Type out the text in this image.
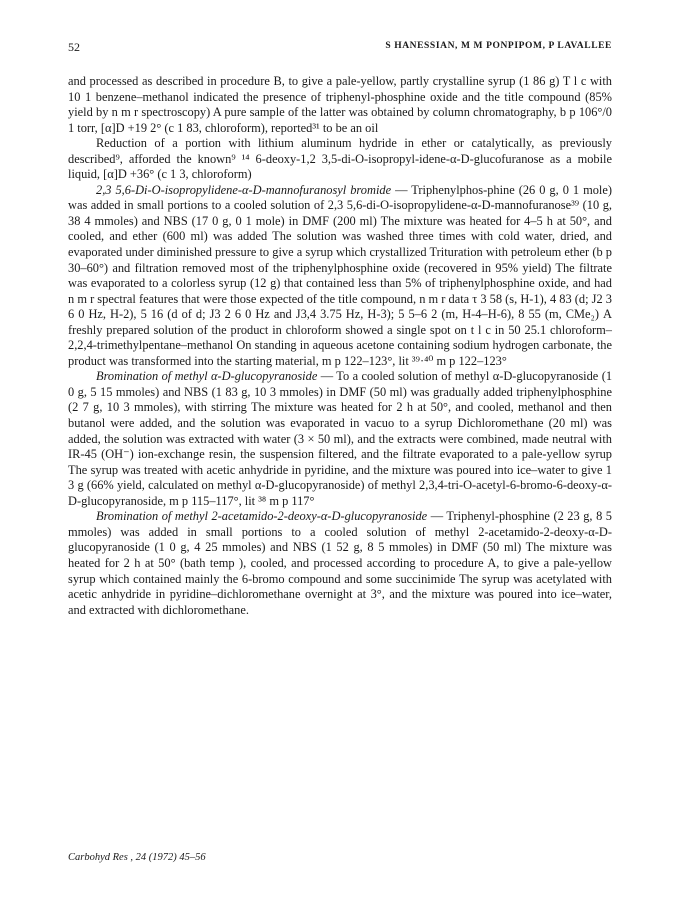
52	S HANESSIAN, M M PONPIPOM, P LAVALLEE

and processed as described in procedure B, to give a pale-yellow, partly crystalline syrup (1 86 g) T l c with 10 1 benzene–methanol indicated the presence of triphenyl-phosphine oxide and the title compound (85% yield by n m r spectroscopy) A pure sample of the latter was obtained by column chromatography, b p 106°/0 1 torr, [α]D +19 2° (c 1 83, chloroform), reported³¹ to be an oil

Reduction of a portion with lithium aluminum hydride in ether or catalytically, as previously described⁹, afforded the known⁹ ¹⁴ 6-deoxy-1,2 3,5-di-O-isopropyl-idene-α-D-glucofuranose as a mobile liquid, [α]D +36° (c 1 3, chloroform)

2,3 5,6-Di-O-isopropylidene-α-D-mannofuranosyl bromide — Triphenylphos-phine (26 0 g, 0 1 mole) was added in small portions to a cooled solution of 2,3 5,6-di-O-isopropylidene-α-D-mannofuranose³⁹ (10 g, 38 4 mmoles) and NBS (17 0 g, 0 1 mole) in DMF (200 ml) The mixture was heated for 4–5 h at 50°, and cooled, and ether (600 ml) was added The solution was washed three times with cold water, dried, and evaporated under diminished pressure to give a syrup which crystallized Trituration with petroleum ether (b p 30–60°) and filtration removed most of the triphenylphosphine oxide (recovered in 95% yield) The filtrate was evaporated to a colorless syrup (12 g) that contained less than 5% of triphenylphosphine oxide, and had n m r spectral features that were those expected of the title compound, n m r data τ 3 58 (s, H-1), 4 83 (d; J2 3 6 0 Hz, H-2), 5 16 (d of d; J3 2 6 0 Hz and J3,4 3.75 Hz, H-3); 5 5–6 2 (m, H-4–H-6), 8 55 (m, CMe₂) A freshly prepared solution of the product in chloroform showed a single spot on t l c in 50 25.1 chloroform–2,2,4-trimethylpentane–methanol On standing in aqueous acetone containing sodium hydrogen carbonate, the product was transformed into the starting material, m p 122–123°, lit ³⁹·⁴⁰ m p 122–123°

Bromination of methyl α-D-glucopyranoside — To a cooled solution of methyl α-D-glucopyranoside (1 0 g, 5 15 mmoles) and NBS (1 83 g, 10 3 mmoles) in DMF (50 ml) was gradually added triphenylphosphine (2 7 g, 10 3 mmoles), with stirring The mixture was heated for 2 h at 50°, and cooled, methanol and then butanol were added, and the solution was evaporated in vacuo to a syrup Dichloromethane (20 ml) was added, the solution was extracted with water (3 × 50 ml), and the extracts were combined, made neutral with IR-45 (OH⁻) ion-exchange resin, the suspension filtered, and the filtrate evaporated to a pale-yellow syrup The syrup was treated with acetic anhydride in pyridine, and the mixture was poured into ice–water to give 1 3 g (66% yield, calculated on methyl α-D-glucopyranoside) of methyl 2,3,4-tri-O-acetyl-6-bromo-6-deoxy-α-D-glucopyranoside, m p 115–117°, lit ³⁸ m p 117°

Bromination of methyl 2-acetamido-2-deoxy-α-D-glucopyranoside — Triphenyl-phosphine (2 23 g, 8 5 mmoles) was added in small portions to a cooled solution of methyl 2-acetamido-2-deoxy-α-D-glucopyranoside (1 0 g, 4 25 mmoles) and NBS (1 52 g, 8 5 mmoles) in DMF (50 ml) The mixture was heated for 2 h at 50° (bath temp ), cooled, and processed according to procedure A, to give a pale-yellow syrup which contained mainly the 6-bromo compound and some succinimide The syrup was acetylated with acetic anhydride in pyridine–dichloromethane overnight at 3°, and the mixture was poured into ice–water, and extracted with dichloromethane.

Carbohyd Res , 24 (1972) 45–56
